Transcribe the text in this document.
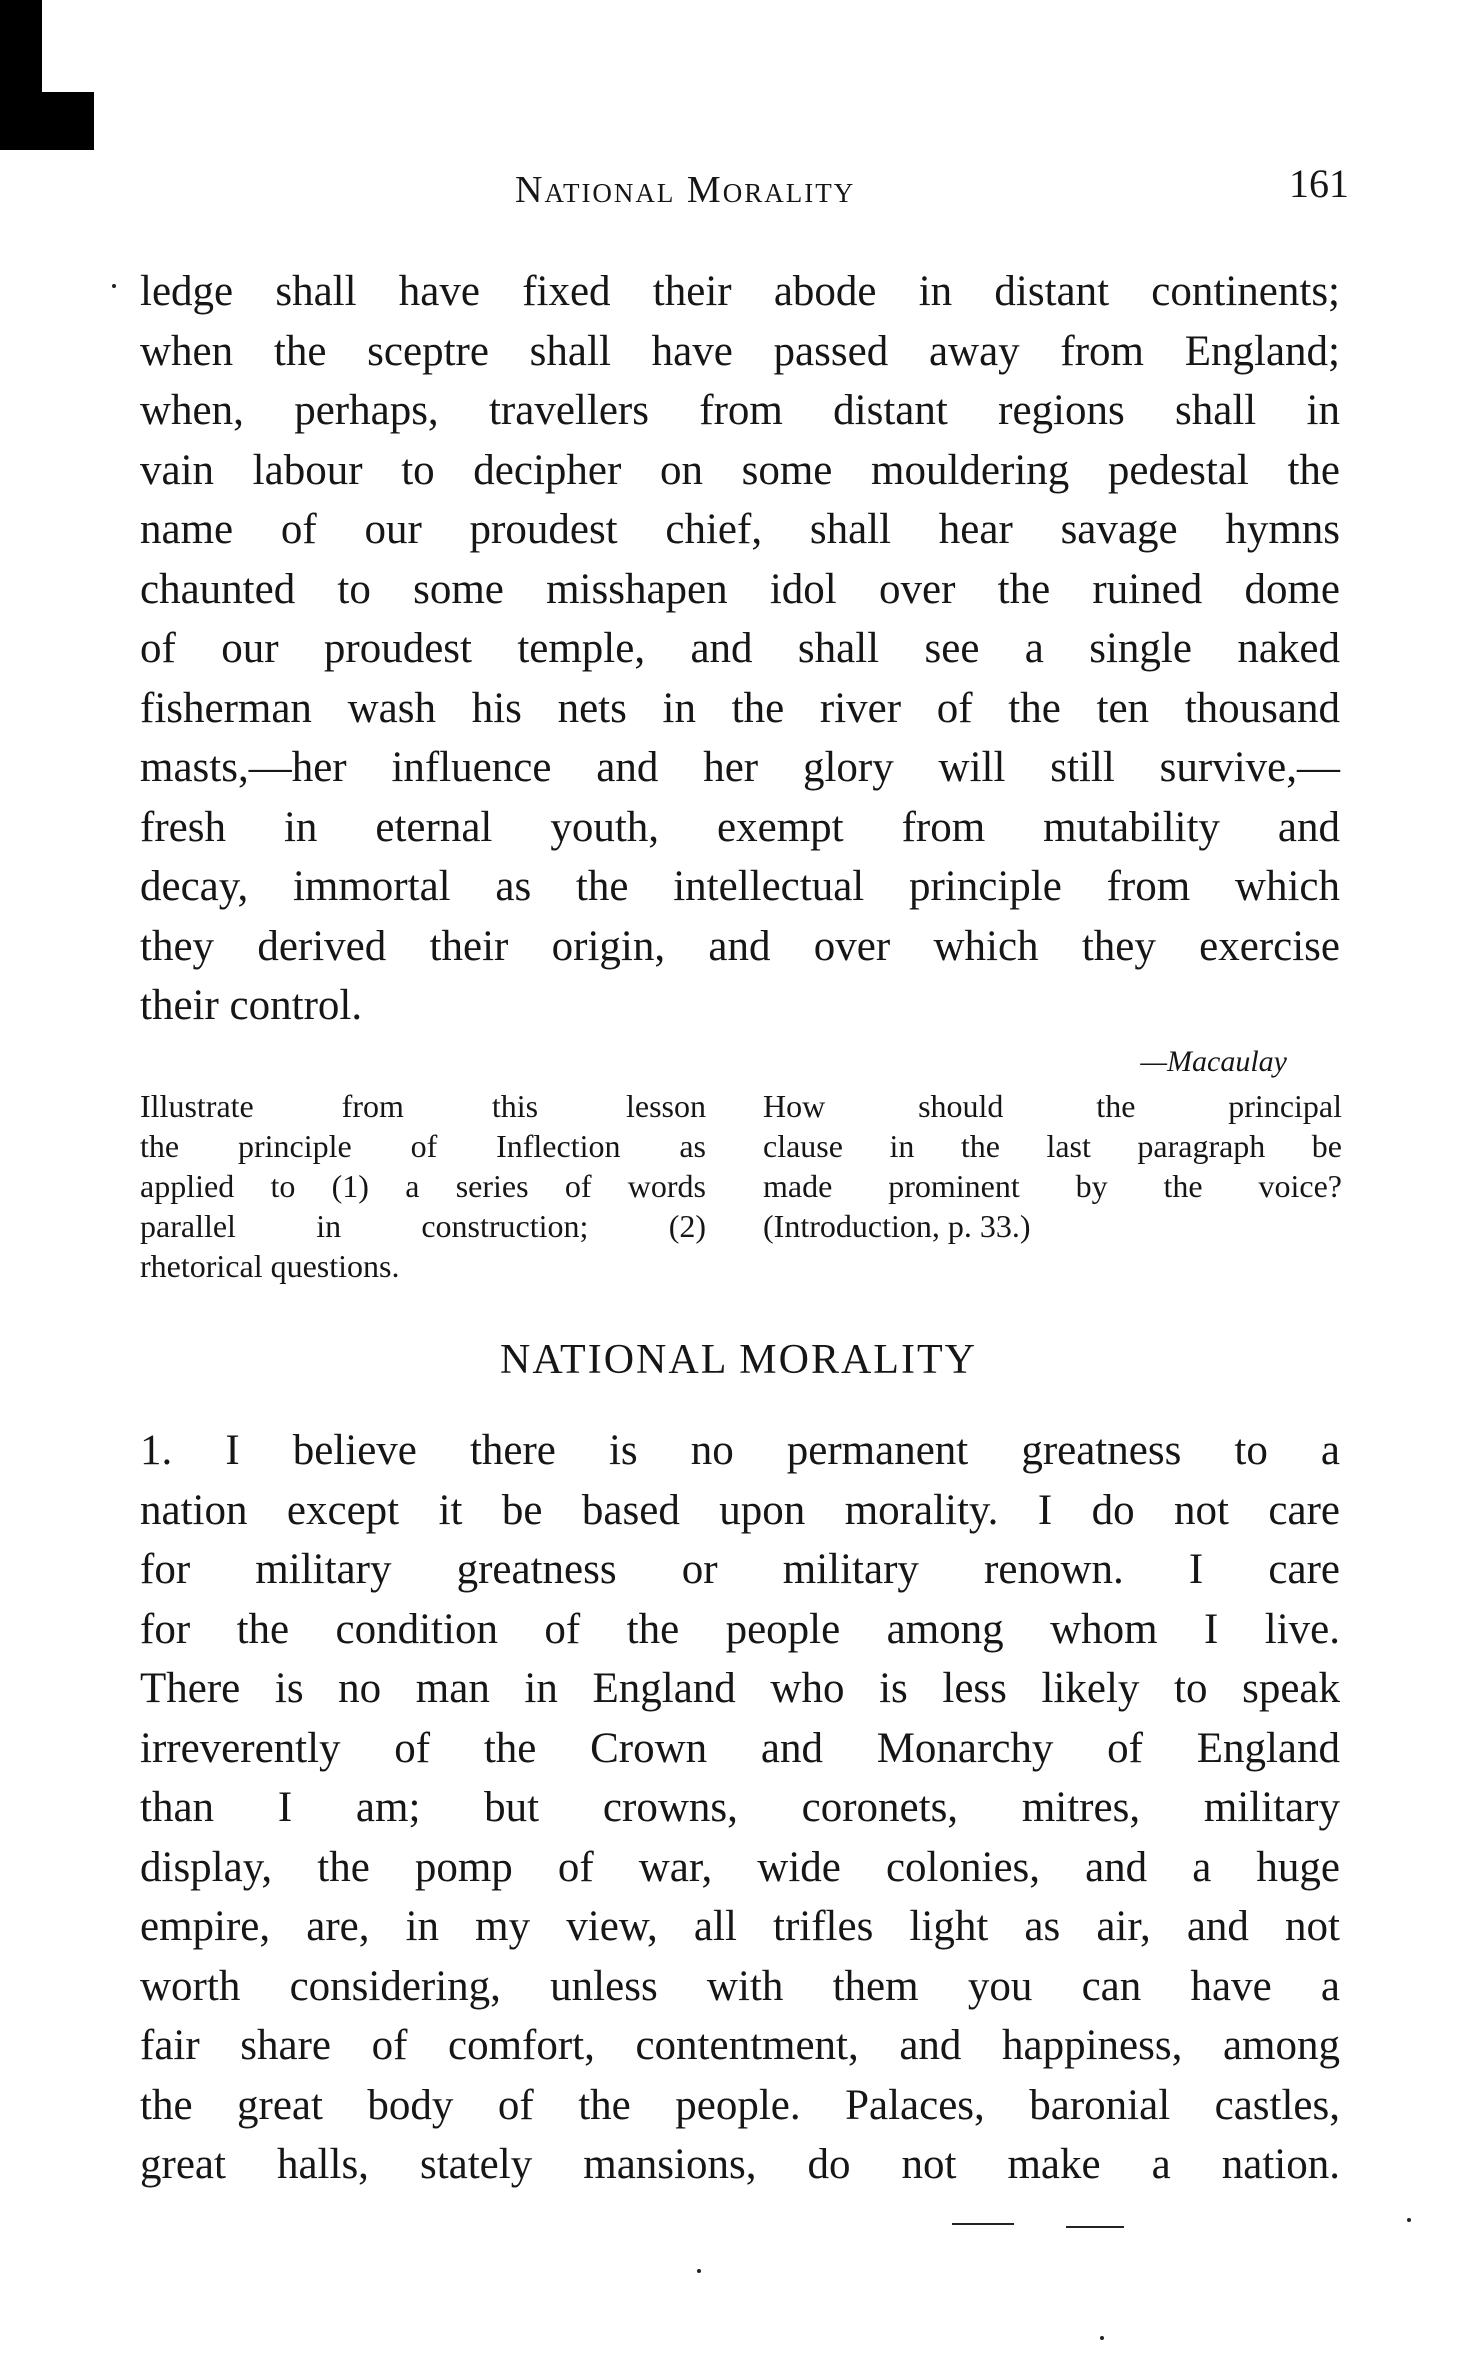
National Morality	161
ledge shall have fixed their abode in distant continents;
when the sceptre shall have passed away from England;
when, perhaps, travellers from distant regions shall in
vain labour to decipher on some mouldering pedestal the
name of our proudest chief, shall hear savage hymns
chaunted to some misshapen idol over the ruined dome
of our proudest temple, and shall see a single naked
fisherman wash his nets in the river of the ten thousand
masts,—her influence and her glory will still survive,—
fresh in eternal youth, exempt from mutability and
decay, immortal as the intellectual principle from which
they derived their origin, and over which they exercise
their control.
—Macaulay
Illustrate from this lesson
the principle of Inflection as
applied to (1) a series of words
parallel in construction; (2)
rhetorical questions.
How should the principal
clause in the last paragraph be
made prominent by the voice?
(Introduction, p. 33.)
NATIONAL MORALITY
1. I believe there is no permanent greatness to a
nation except it be based upon morality. I do not care
for military greatness or military renown. I care
for the condition of the people among whom I live.
There is no man in England who is less likely to speak
irreverently of the Crown and Monarchy of England
than I am; but crowns, coronets, mitres, military
display, the pomp of war, wide colonies, and a huge
empire, are, in my view, all trifles light as air, and not
worth considering, unless with them you can have a
fair share of comfort, contentment, and happiness, among
the great body of the people. Palaces, baronial castles,
great halls, stately mansions, do not make a nation.
